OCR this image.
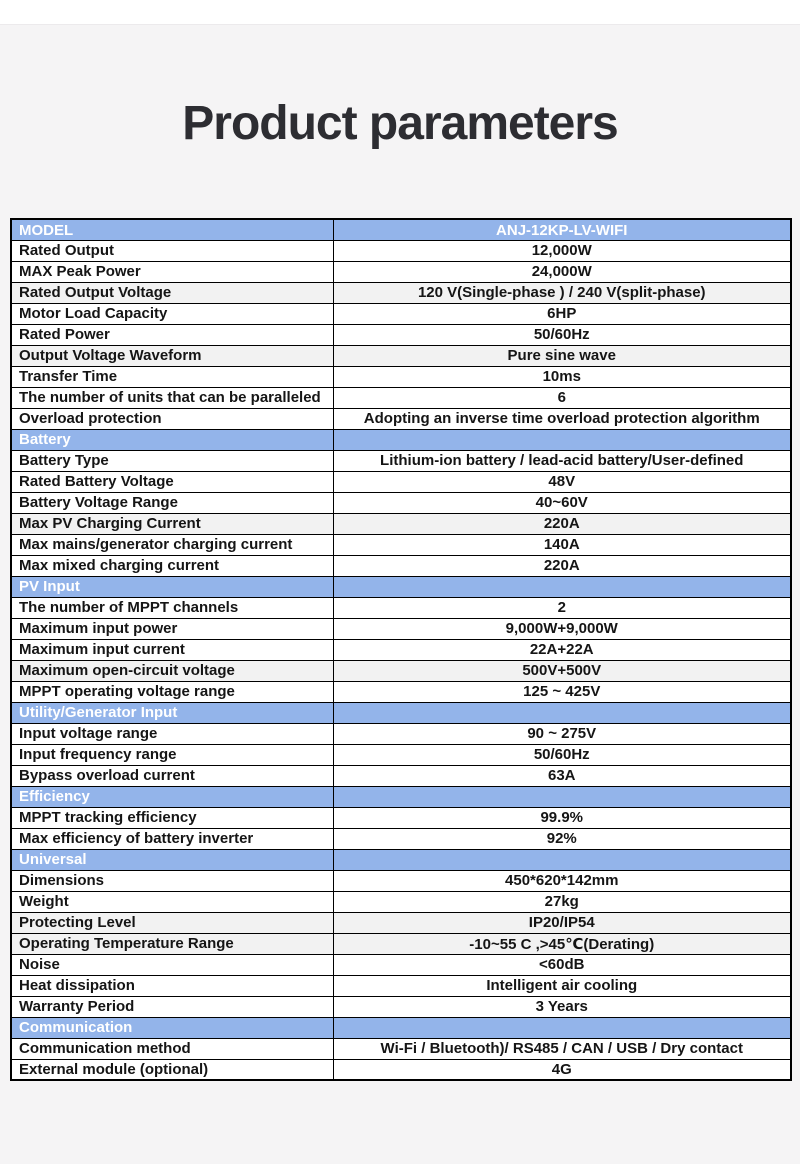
Product parameters
MODEL	ANJ-12KP-LV-WIFI
Rated Output	12,000W
MAX Peak Power	24,000W
Rated Output Voltage	120 V(Single-phase ) / 240 V(split-phase)
Motor Load Capacity	6HP
Rated Power	50/60Hz
Output Voltage Waveform	Pure sine wave
Transfer Time	10ms
The number of units that can be paralleled	6
Overload protection	Adopting an inverse time overload protection algorithm
Battery	
Battery Type	Lithium-ion battery / lead-acid battery/User-defined
Rated Battery Voltage	48V
Battery Voltage Range	40~60V
Max PV Charging Current	220A
Max mains/generator charging current	140A
Max mixed charging current	220A
PV Input	
The number of MPPT channels	2
Maximum input power	9,000W+9,000W
Maximum input current	22A+22A
Maximum open-circuit voltage	500V+500V
MPPT operating voltage range	125 ~ 425V
Utility/Generator Input	
Input voltage range	90 ~ 275V
Input frequency range	50/60Hz
Bypass overload current	63A
Efficiency	
MPPT tracking efficiency	99.9%
Max efficiency of battery inverter	92%
Universal	
Dimensions	450*620*142mm
Weight	27kg
Protecting Level	IP20/IP54
Operating Temperature Range	-10~55 C ,>45℃(Derating)
Noise	<60dB
Heat dissipation	Intelligent air cooling
Warranty Period	3 Years
Communication	
Communication method	Wi-Fi / Bluetooth)/ RS485 / CAN / USB / Dry contact
External module (optional)	4G
